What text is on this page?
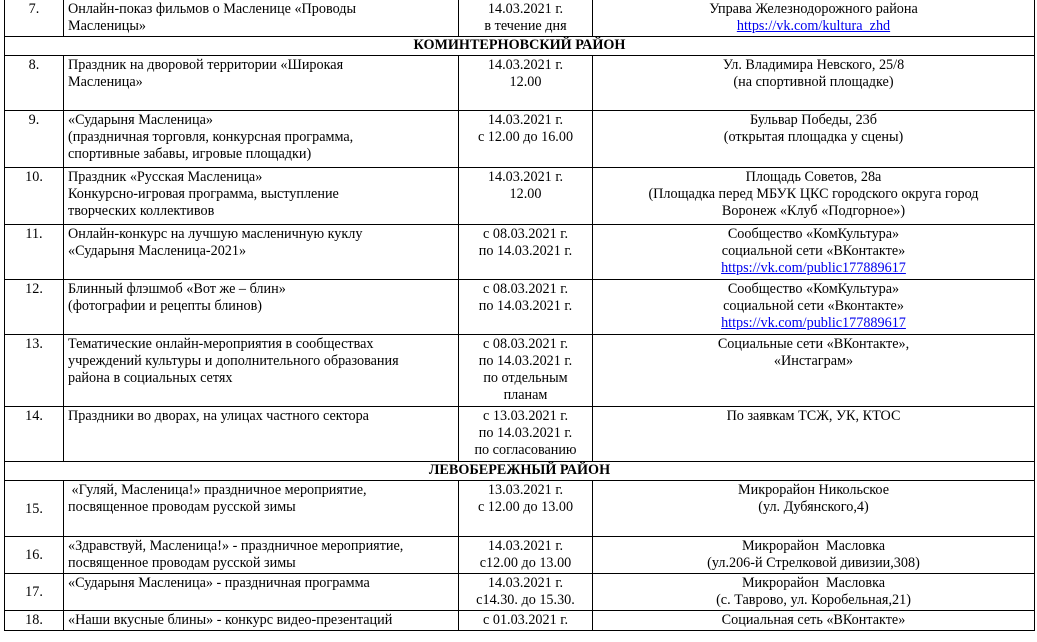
7.	Онлайн-показ фильмов о Масленице «Проводы
Масленицы»	14.03.2021 г.
в течение дня	Управа Железнодорожного района
https://vk.com/kultura_zhd

КОМИНТЕРНОВСКИЙ РАЙОН			
8.	Праздник на дворовой территории «Широкая
Масленица»	14.03.2021 г.
12.00	Ул. Владимира Невского, 25/8
(на спортивной площадке)

9.	«Сударыня Масленица»
(праздничная торговля, конкурсная программа,
спортивные забавы, игровые площадки)	14.03.2021 г.
с 12.00 до 16.00	Бульвар Победы, 23б
(открытая площадка у сцены)

10.	Праздник «Русская Масленица»
Конкурсно-игровая программа, выступление
творческих коллективов	14.03.2021 г.
12.00	Площадь Советов, 28а
(Площадка перед МБУК ЦКС городского округа город
Воронеж «Клуб «Подгорное»)

11.	Онлайн-конкурс на лучшую масленичную куклу
«Сударыня Масленица-2021»	с 08.03.2021 г.
по 14.03.2021 г.	Сообщество «КомКультура»
социальной сети «ВКонтакте»
https://vk.com/public177889617

12.	Блинный флэшмоб «Вот же – блин»
(фотографии и рецепты блинов)	с 08.03.2021 г.
по 14.03.2021 г.	Сообщество «КомКультура»
социальной сети «Вконтакте»
https://vk.com/public177889617

13.	Тематические онлайн-мероприятия в сообществах
учреждений культуры и дополнительного образования
района в социальных сетях	с 08.03.2021 г.
по 14.03.2021 г.
по отдельным
планам	Социальные сети «ВКонтакте»,
«Инстаграм»

14.	Праздники во дворах, на улицах частного сектора	с 13.03.2021 г.
по 14.03.2021 г.
по согласованию	По заявкам ТСЖ, УК, КТОС

ЛЕВОБЕРЕЖНЫЙ РАЙОН			
15.	«Гуляй, Масленица!» праздничное мероприятие,
посвященное проводам русской зимы	13.03.2021 г.
с 12.00 до 13.00	Микрорайон Никольское
(ул. Дубянского,4)

16.	«Здравствуй, Масленица!» - праздничное мероприятие,
посвященное проводам русской зимы	14.03.2021 г.
с12.00 до 13.00	Микрорайон  Масловка
(ул.206-й Стрелковой дивизии,308)

17.	«Сударыня Масленица» - праздничная программа	14.03.2021 г.
с14.30. до 15.30.	Микрорайон  Масловка
(с. Таврово, ул. Коробельная,21)

18.	«Наши вкусные блины» - конкурс видео-презентаций	с 01.03.2021 г.	Социальная сеть «ВКонтакте»
